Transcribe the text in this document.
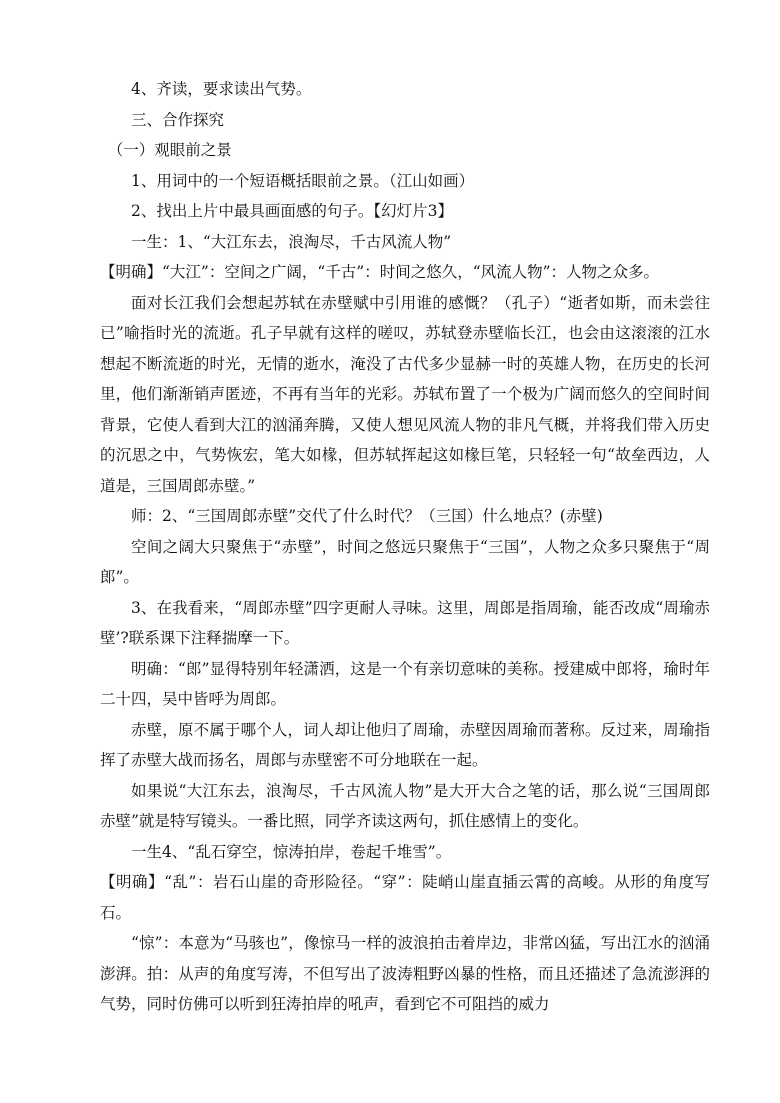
4、齐读，要求读出气势。

三、合作探究

（一）观眼前之景

1、用词中的一个短语概括眼前之景。（江山如画）

2、找出上片中最具画面感的句子。【幻灯片3】

一生：1、“大江东去，浪淘尽，千古风流人物”

【明确】“大江”：空间之广阔，“千古”：时间之悠久，“风流人物”：人物之众多。

面对长江我们会想起苏轼在赤壁赋中引用谁的感慨？（孔子）“逝者如斯，而未尝往已”喻指时光的流逝。孔子早就有这样的嗟叹，苏轼登赤壁临长江，也会由这滚滚的江水想起不断流逝的时光，无情的逝水，淹没了古代多少显赫一时的英雄人物，在历史的长河里，他们渐渐销声匿迹，不再有当年的光彩。苏轼布置了一个极为广阔而悠久的空间时间背景，它使人看到大江的汹涌奔腾，又使人想见风流人物的非凡气概，并将我们带入历史的沉思之中，气势恢宏，笔大如椽，但苏轼挥起这如椽巨笔，只轻轻一句“故垒西边，人道是，三国周郎赤壁。”

师：2、“三国周郎赤壁”交代了什么时代？（三国）什么地点？(赤壁)

空间之阔大只聚焦于“赤壁”，时间之悠远只聚焦于“三国”，人物之众多只聚焦于“周郎”。

3、在我看来，“周郎赤壁”四字更耐人寻味。这里，周郎是指周瑜，能否改成“周瑜赤壁’?联系课下注释揣摩一下。

明确：“郎”显得特别年轻潇洒，这是一个有亲切意味的美称。授建威中郎将，瑜时年二十四，吴中皆呼为周郎。

赤壁，原不属于哪个人，词人却让他归了周瑜，赤壁因周瑜而著称。反过来，周瑜指挥了赤壁大战而扬名，周郎与赤壁密不可分地联在一起。

如果说“大江东去，浪淘尽，千古风流人物”是大开大合之笔的话，那么说“三国周郎赤壁”就是特写镜头。一番比照，同学齐读这两句，抓住感情上的变化。

一生4、“乱石穿空，惊涛拍岸，卷起千堆雪”。

【明确】“乱”：岩石山崖的奇形险径。“穿”：陡峭山崖直插云霄的高峻。从形的角度写石。

“惊”：本意为“马骇也”，像惊马一样的波浪拍击着岸边，非常凶猛，写出江水的汹涌澎湃。拍：从声的角度写涛，不但写出了波涛粗野凶暴的性格，而且还描述了急流澎湃的气势，同时仿佛可以听到狂涛拍岸的吼声，看到它不可阻挡的威力
